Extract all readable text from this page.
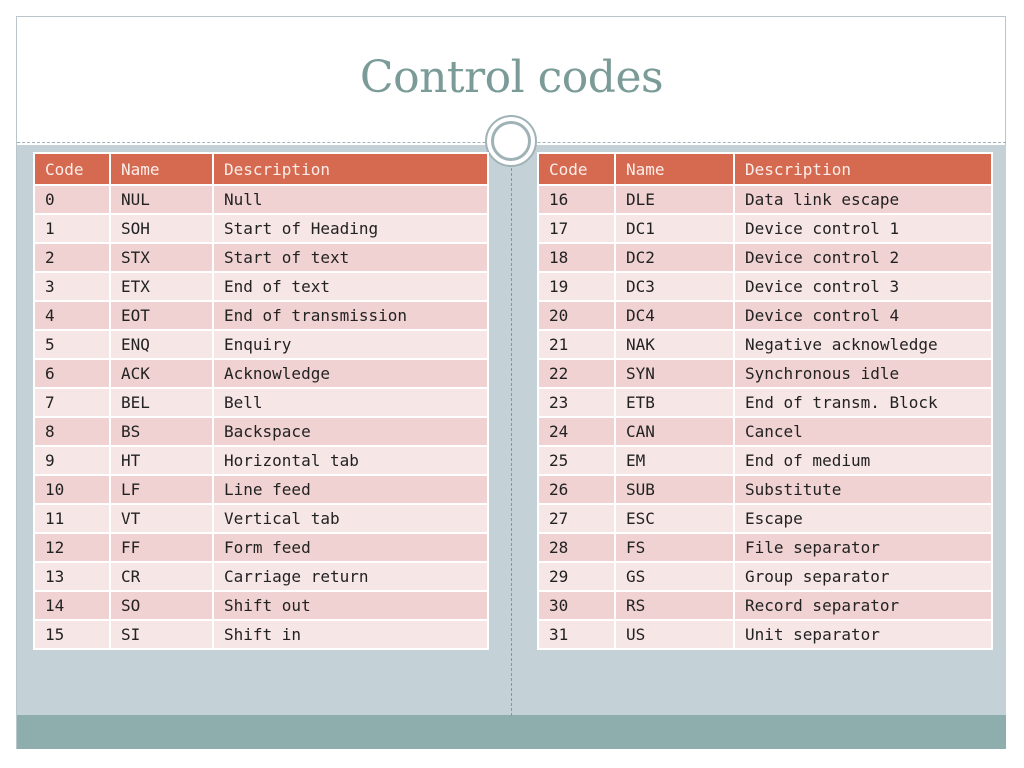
Control codes
Code	Name	Description
0	NUL	Null
1	SOH	Start of Heading
2	STX	Start of text
3	ETX	End of text
4	EOT	End of transmission
5	ENQ	Enquiry
6	ACK	Acknowledge
7	BEL	Bell
8	BS	Backspace
9	HT	Horizontal tab
10	LF	Line feed
11	VT	Vertical tab
12	FF	Form feed
13	CR	Carriage return
14	SO	Shift out
15	SI	Shift in
Code	Name	Description
16	DLE	Data link escape
17	DC1	Device control 1
18	DC2	Device control 2
19	DC3	Device control 3
20	DC4	Device control 4
21	NAK	Negative acknowledge
22	SYN	Synchronous idle
23	ETB	End of transm. Block
24	CAN	Cancel
25	EM	End of medium
26	SUB	Substitute
27	ESC	Escape
28	FS	File separator
29	GS	Group separator
30	RS	Record separator
31	US	Unit separator
